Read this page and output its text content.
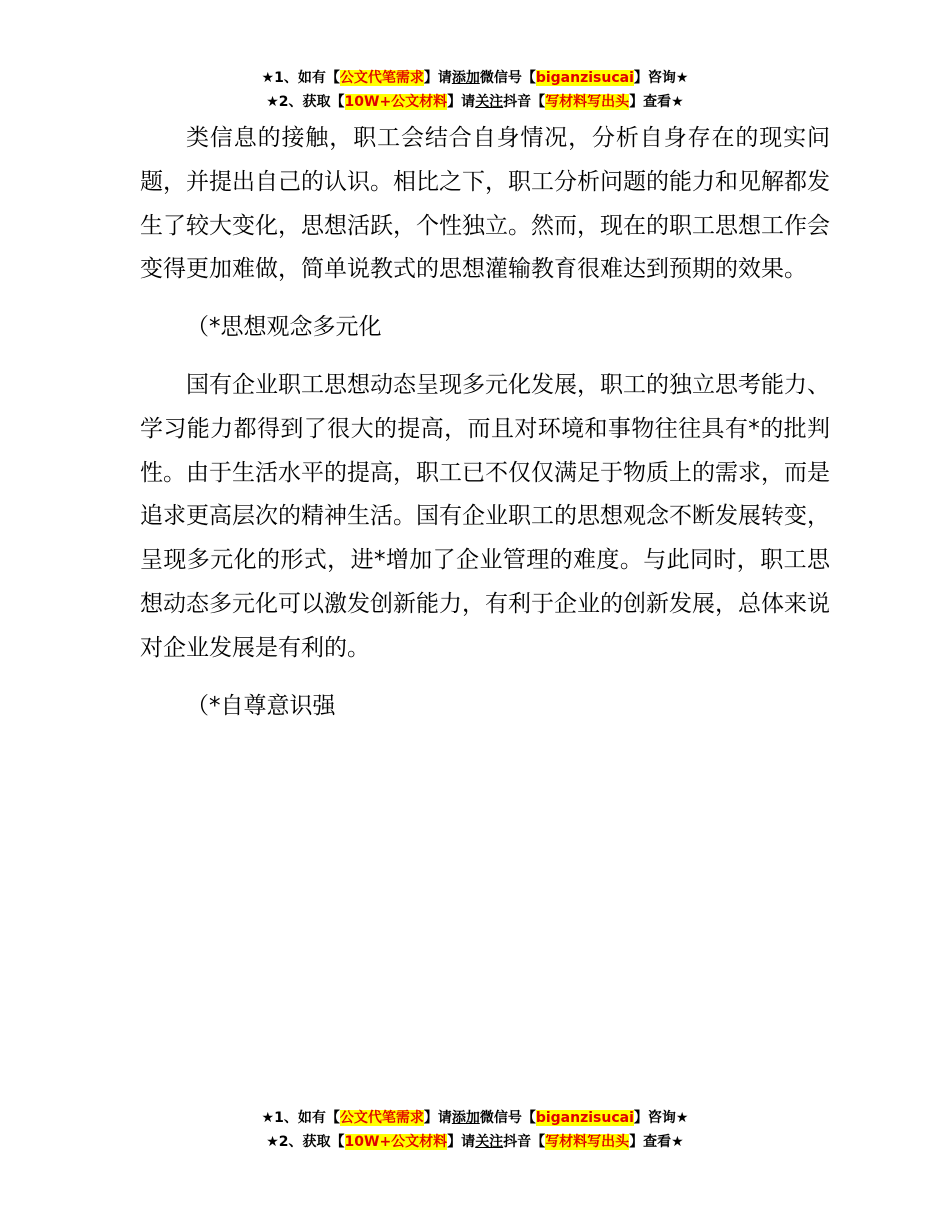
★1、如有【公文代笔需求】请添加微信号【biganzisucai】咨询★
★2、获取【10W+公文材料】请关注抖音【写材料写出头】查看★

类信息的接触，职工会结合自身情况，分析自身存在的现实问题，并提出自己的认识。相比之下，职工分析问题的能力和见解都发生了较大变化，思想活跃，个性独立。然而，现在的职工思想工作会变得更加难做，简单说教式的思想灌输教育很难达到预期的效果。

（*思想观念多元化

国有企业职工思想动态呈现多元化发展，职工的独立思考能力、学习能力都得到了很大的提高，而且对环境和事物往往具有*的批判性。由于生活水平的提高，职工已不仅仅满足于物质上的需求，而是追求更高层次的精神生活。国有企业职工的思想观念不断发展转变，呈现多元化的形式，进*增加了企业管理的难度。与此同时，职工思想动态多元化可以激发创新能力，有利于企业的创新发展，总体来说对企业发展是有利的。

（*自尊意识强

★1、如有【公文代笔需求】请添加微信号【biganzisucai】咨询★
★2、获取【10W+公文材料】请关注抖音【写材料写出头】查看★
